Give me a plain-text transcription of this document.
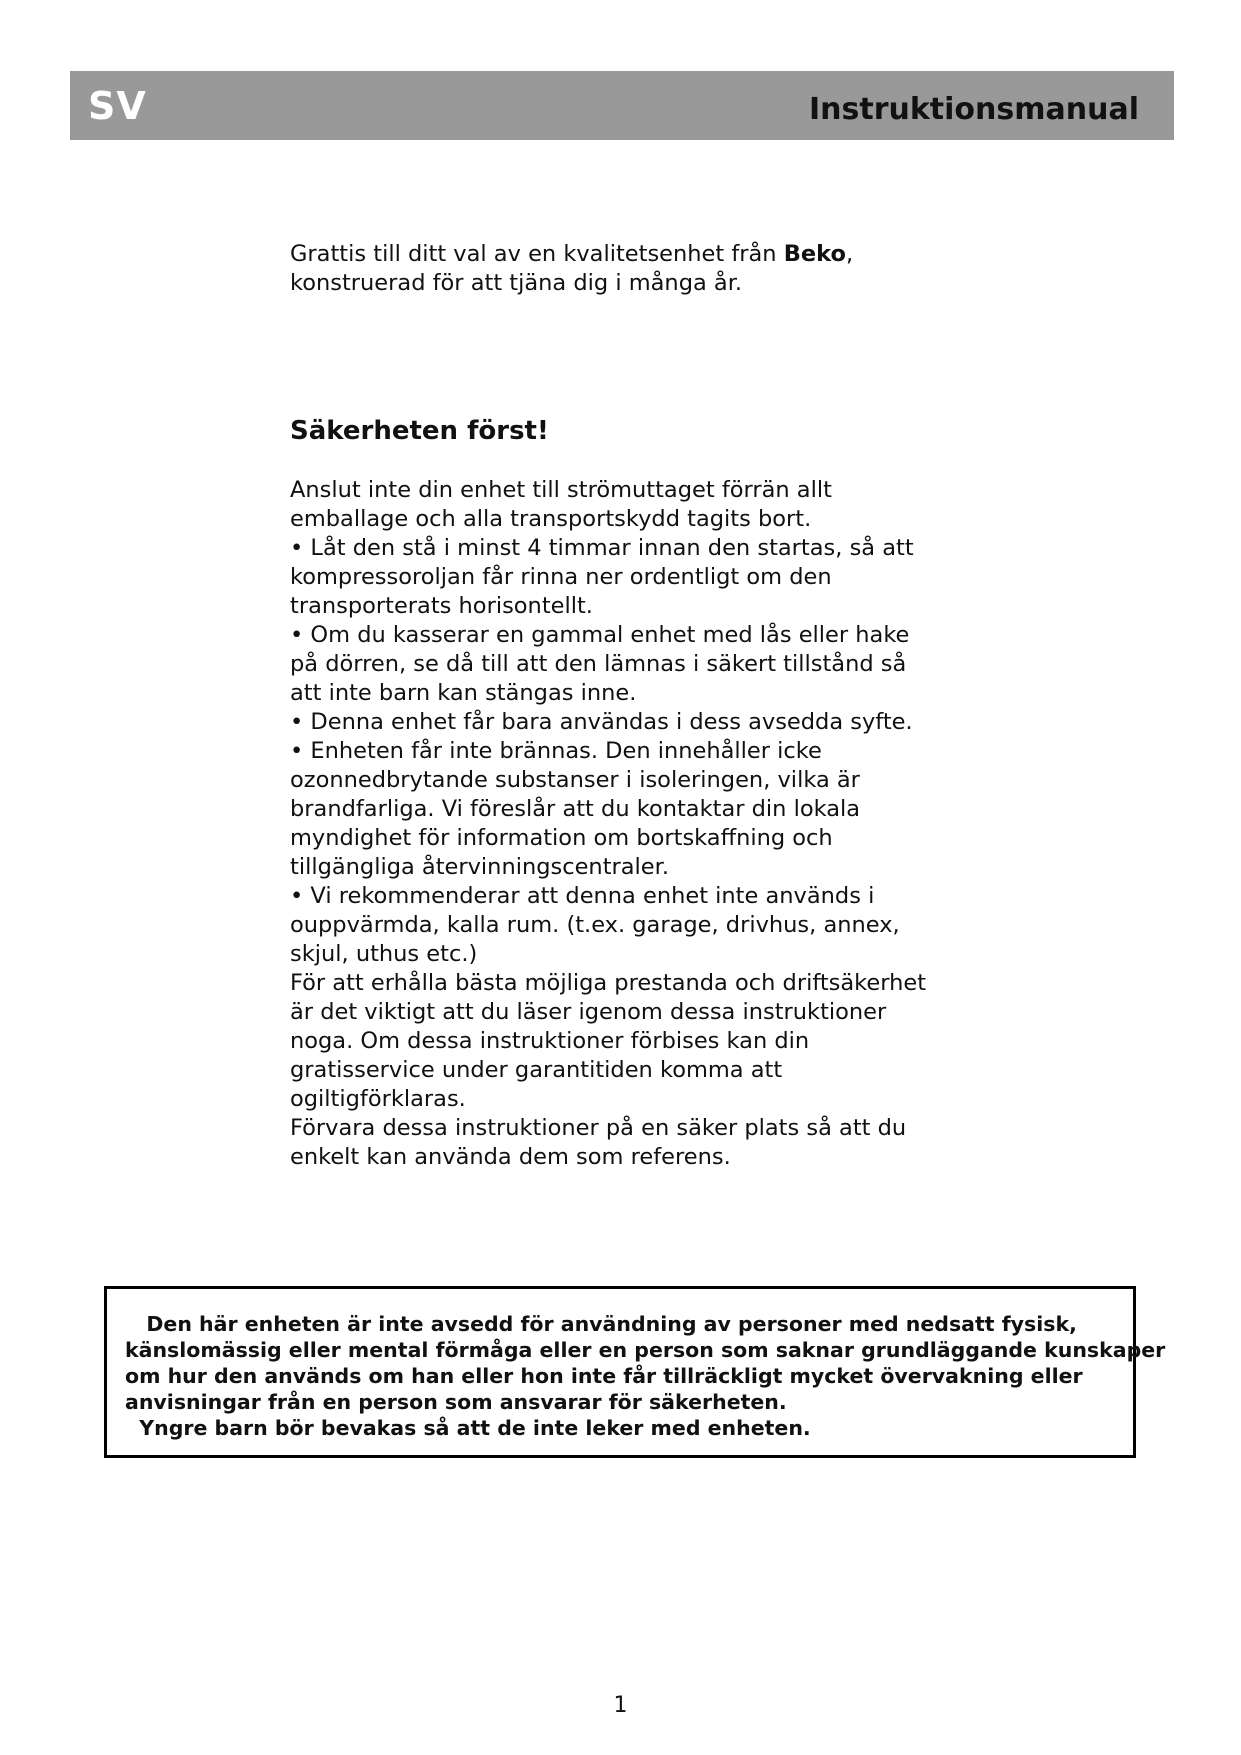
SV	Instruktionsmanual
Grattis till ditt val av en kvalitetsenhet från Beko,
konstruerad för att tjäna dig i många år.
Säkerheten först!
Anslut inte din enhet till strömuttaget förrän allt
emballage och alla transportskydd tagits bort.
• Låt den stå i minst 4 timmar innan den startas, så att
kompressoroljan får rinna ner ordentligt om den
transporterats horisontellt.
• Om du kasserar en gammal enhet med lås eller hake
på dörren, se då till att den lämnas i säkert tillstånd så
att inte barn kan stängas inne.
• Denna enhet får bara användas i dess avsedda syfte.
• Enheten får inte brännas. Den innehåller icke
ozonnedbrytande substanser i isoleringen, vilka är
brandfarliga. Vi föreslår att du kontaktar din lokala
myndighet för information om bortskaffning och
tillgängliga återvinningscentraler.
• Vi rekommenderar att denna enhet inte används i
ouppvärmda, kalla rum. (t.ex. garage, drivhus, annex,
skjul, uthus etc.)
För att erhålla bästa möjliga prestanda och driftsäkerhet
är det viktigt att du läser igenom dessa instruktioner
noga. Om dessa instruktioner förbises kan din
gratisservice under garantitiden komma att
ogiltigförklaras.
Förvara dessa instruktioner på en säker plats så att du
enkelt kan använda dem som referens.
Den här enheten är inte avsedd för användning av personer med nedsatt fysisk,
känslomässig eller mental förmåga eller en person som saknar grundläggande kunskaper
om hur den används om han eller hon inte får tillräckligt mycket övervakning eller
anvisningar från en person som ansvarar för säkerheten.
Yngre barn bör bevakas så att de inte leker med enheten.
1
